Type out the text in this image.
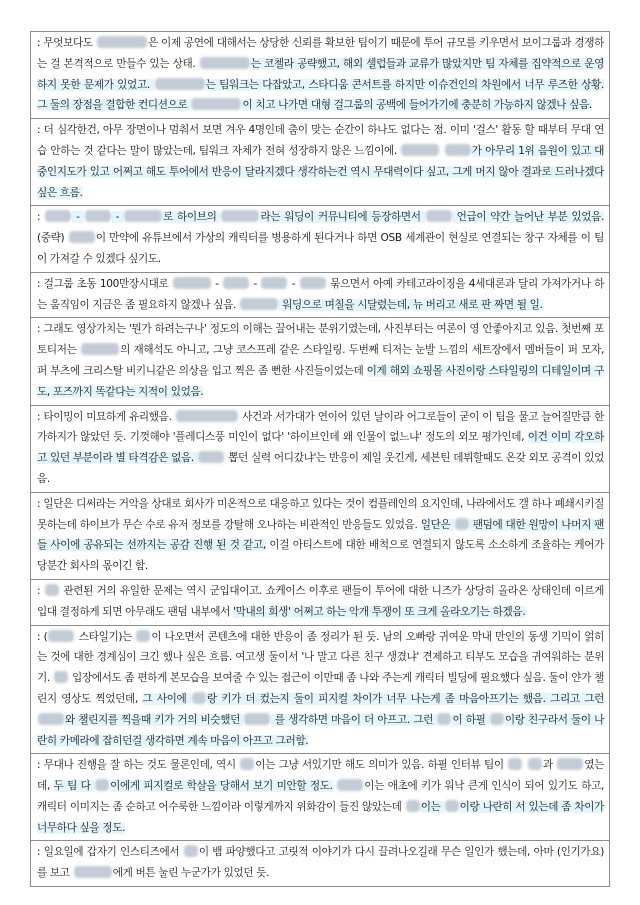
: 무엇보다도	은 이제 공연에 대해서는 상당한 신뢰를 확보한 팀이기 때문에 투어 규모를 키우면서 보이그룹과 경쟁하는 걸 본격적으로 만들수 있는 상태.	는 코첼라 공략했고, 해외 셀럽들과 교류가 많았지만 팀 자체를 집약적으로 운영하지 못한 문제가 있었고.	는 팀워크는 다잡았고, 스타디움 콘서트를 하지만 이슈건인의 차원에서 너무 루즈한 상황. 그 둘의 장점을 결합한 컨디션으로	이 치고 나가면 대형 걸그룹의 공백에 들어가기에 충분히 가능하지 않겠나 싶음.
: 더 심각한건, 아무 장면이나 멈춰서 보면 겨우 4명인데 춤이 맞는 순간이 하나도 없다는 점. 이미 '걸스' 활동 할 때부터 무대 연습 안하는 것 같다는 말이 많았는데, 팀워크 자체가 전혀 성장하지 않은 느낌이에.	가 아무리 1위 음원이 있고 대중인지도가 있고 어쩌고 해도 투어에서 반응이 달라지겠다 생각하는건 역시 무대력이다 싶고, 그게 머지 않아 결과로 드러나겠다 싶은 흐름.
:	-	-	로 하이브의	라는 워딩이 커뮤니티에 등장하면서	언급이 약간 늘어난 부분 있었음. (중략)	이 만약에 유튜브에서 가상의 캐릭터를 병용하게 된다거나 하면 OSB 세계관이 현실로 연결되는 창구 자체를 이 팀이 가져갈 수 있겠다 싶기도.
: 걸그룹 초동 100만장시대로	-	-	-	묶으면서 아예 카테고라이징을 4세대론과 달리 가져가거나 하는 움직임이 지금은 좀 필요하지 않겠나 싶음.	워딩으로 며칠을 시달렸는데, 뉴 버리고 새로 판 짜면 될 일.
: 그래도 영상가치는 '뭔가 하려는구나' 정도의 이해는 끌어내는 분위기였는데, 사진부터는 여론이 영 안좋아지고 있음. 첫번째 포토티저는	의 재해석도 아니고, 그냥 코스프레 같은 스타일링. 두번째 티저는 눈발 느낌의 세트장에서 멤버들이 퍼 모자, 퍼 부츠에 크리스탈 비키니같은 의상을 입고 찍은 좀 뻔한 사진들이었는데 이게 해외 쇼핑몰 사진이랑 스타일링의 디테일이며 구도, 포즈까지 똑같다는 지적이 있었음.
: 타이밍이 미묘하게 유리했음.	사건과 서가대가 연이어 있던 날이라 어그로들이 굳이 이 팀을 물고 늘어질만큼 한가하지가 않았던 듯. 기껏해야 '플레디스풍 미인이 없다' '하이브인데 왜 인물이 없느냐' 정도의 외모 평가인데, 이건 이미 각오하고 있던 부분이라 별 타격감은 없음.	뽑던 실력 어디갔냐'는 반응이 제일 웃긴게, 세븐틴 데뷔할때도 온갖 외모 공격이 있었음.
: 일단은 디써라는 거악을 상대로 회사가 미온적으로 대응하고 있다는 것이 컴플레인의 요지인데, 나라에서도 갤 하나 폐쇄시키질 못하는데 하이브가 무슨 수로 유저 정보를 강탈해 오나하는 비관적인 반응들도 있었음. 일단은  팬덤에 대한 원망이 나머지 팬들 사이에 공유되는 선까지는 공감 진행 된 것 같고, 이걸 아티스트에 대한 배척으로 연결되지 않도록 소소하게 조율하는 케어가 당분간 회사의 몫이긴 함.
:  관련된 거의 유일한 문제는 역시 군입대이고. 쇼케이스 이후로 팬들이 투어에 대한 니즈가 상당히 올라온 상태인데 이르게 입대 결정하게 되면 아무래도 팬덤 내부에서 '막내의 희생' 어쩌고 하는 악개 투쟁이 또 크게 올라오기는 하겠음.
: (	스타일기)는 이 나오면서 콘텐츠에 대한 반응이 좀 정리가 된 듯. 남의 오빠랑 귀여운 막내 만인의 동생 기믹이 얽히는 것에 대한 경계심이 크긴 했나 싶은 흐름. 여고생 둘이서 '나 말고 다른 친구 생겼냐' 견제하고 티부도 모습을 귀여워하는 분위기.  입장에서도 좀 편하게 본모습을 보여줄 수 있는 접근이 이만때 좀 나와 주는게 캐릭터 빌딩에 필요했다 싶음. 둘이 얀가 챌린지 영상도 찍었던데, 그 사이에 랑 키가 더 컸는지 둘이 피지컬 차이가 너무 나는게 좀 마음아프기는 했음. 그리고 그런 와 챌린지를 찍을때 키가 거의 비슷했던	를 생각하면 마음이 더 아프고. 그런 이 하필 이랑 친구라서 둘이 나란히 카메라에 잡히던걸 생각하면 계속 마음이 아프고 그러함.
: 무대나 진행을 잘 하는 것도 물론인데, 역시 이는 그냥 서있기만 해도 의미가 있음. 하필 인터뷰 팀이	과	였는데, 두 팀 다 이에게 피지컬로 학살을 당해서 보기 미안할 정도.	이는 애초에 키가 워낙 큰게 인식이 되어 있기도 하고, 캐릭터 이미지는 좀 순하고 어수룩한 느낌이라 이렇게까지 위화감이 들진 않았는데 이는 이랑 나란히 서 있는데 좀 차이가 너무하다 싶을 정도.
: 일요일에 갑자기 인스티즈에서 이 뱀 파양했다고 고릿적 이야기가 다시 끌려나오길래 무슨 일인가 했는데, 아마 (인기가요)를 보고	에게 버튼 눌린 누군가가 있었던 듯.
